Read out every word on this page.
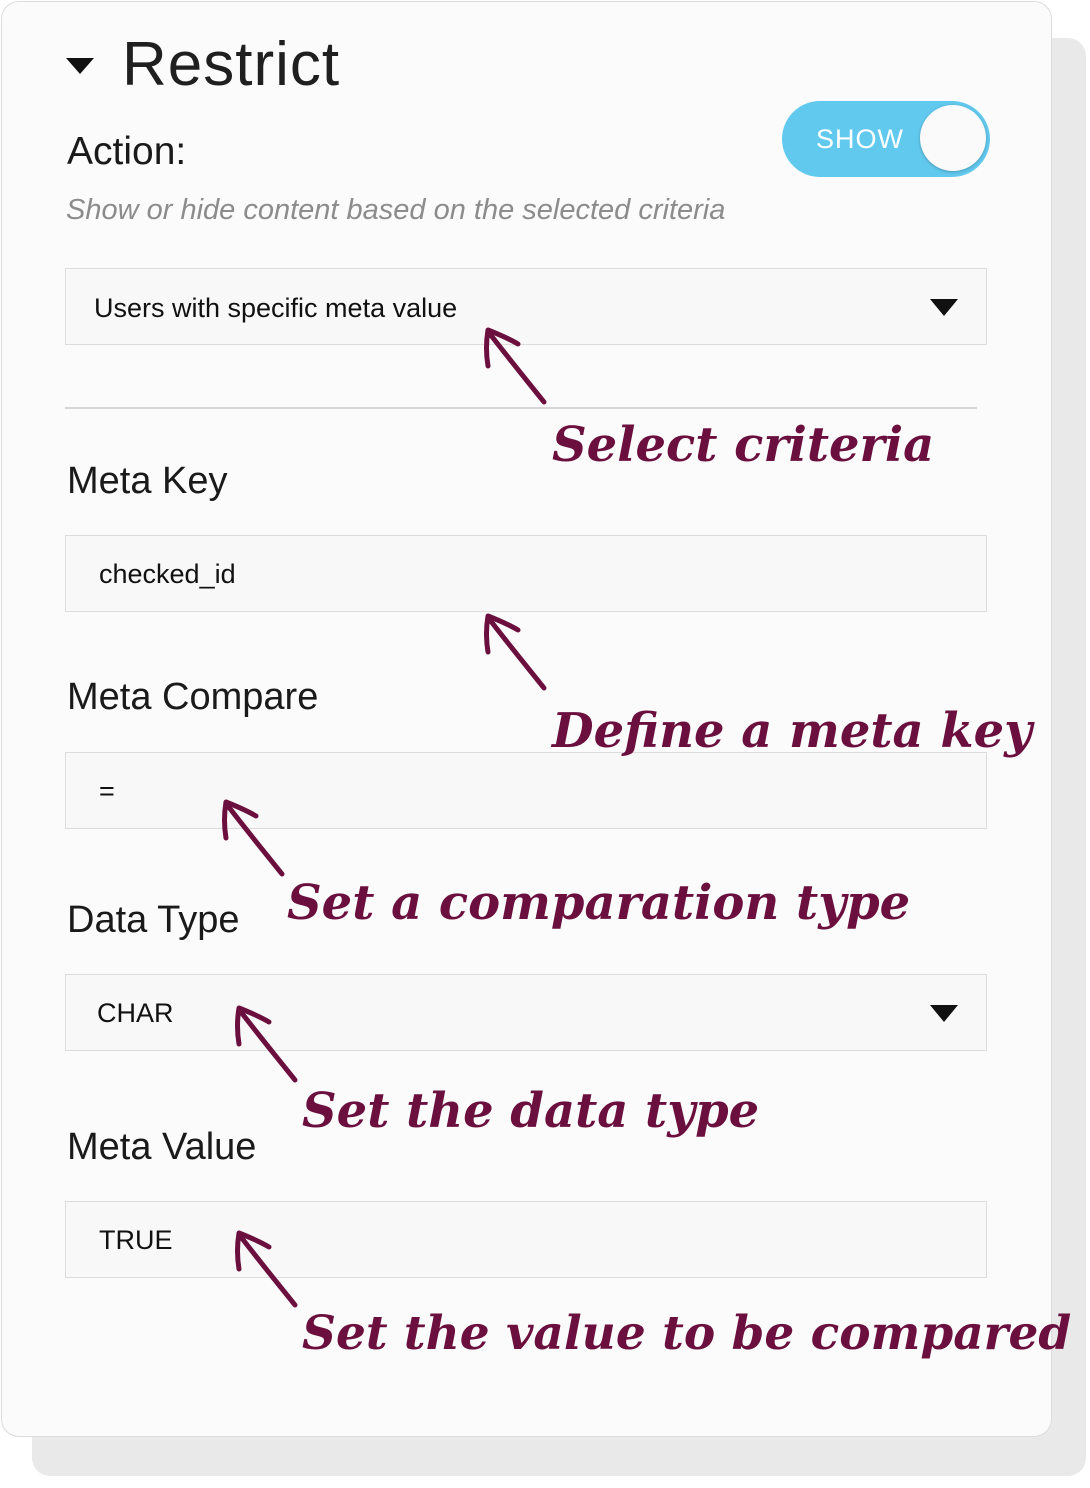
Restrict
Action:	SHOW
Show or hide content based on the selected criteria
Users with specific meta value
Meta Key
checked_id
Meta Compare
=
Data Type
CHAR
Meta Value
TRUE
Select criteria
Define a meta key
Set a comparation type
Set the data type
Set the value to be compared
